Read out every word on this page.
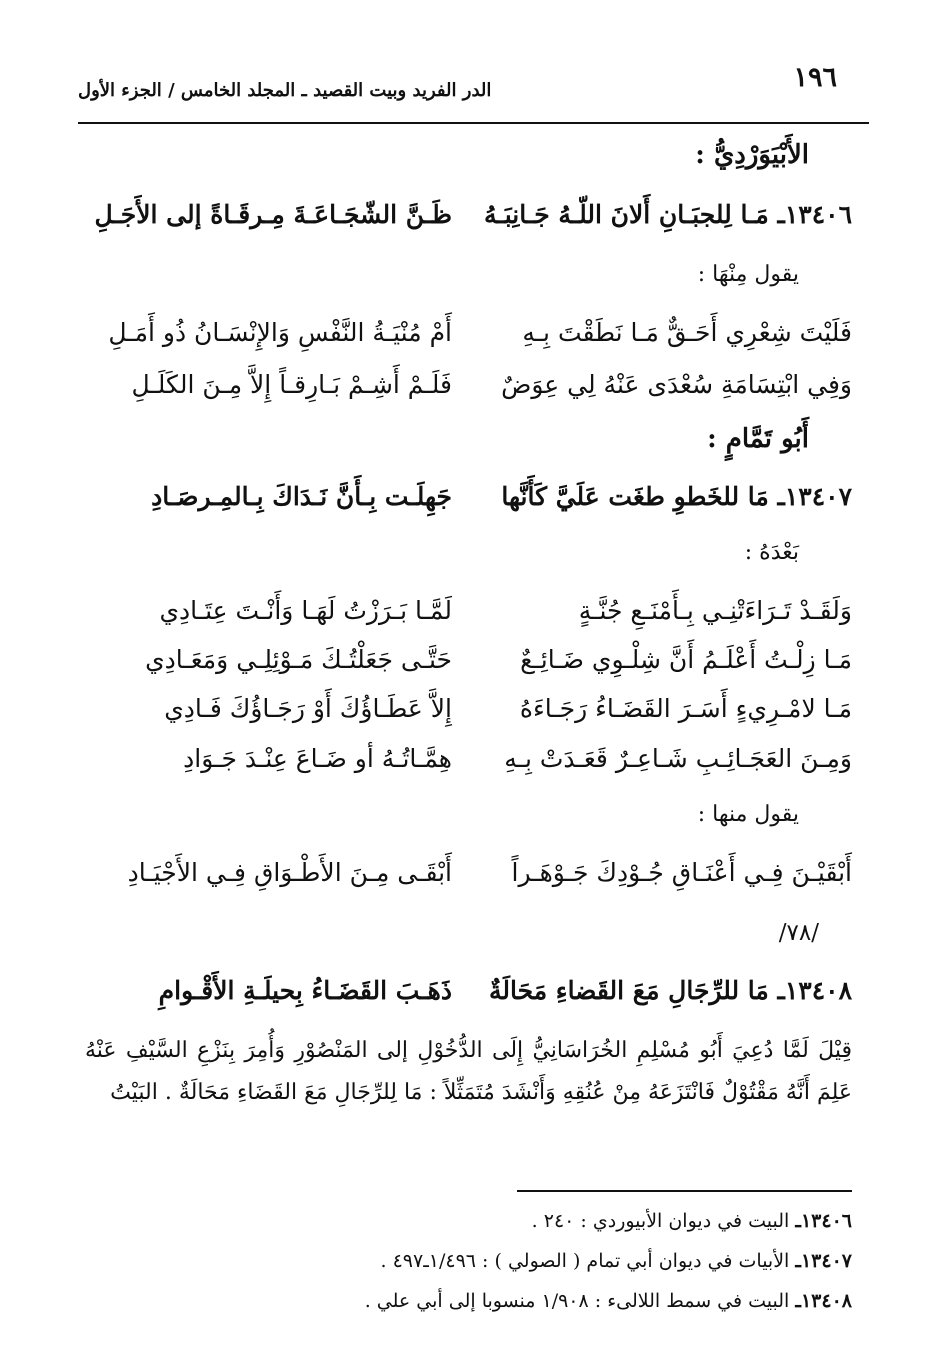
١٩٦
الدر الفريد وبيت القصيد ـ المجلد الخامس / الجزء الأول
الأَبْيَوَرْدِيُّ :
١٣٤٠٦ـ مَـا لِلجبَـانِ أَلانَ اللّـهُ جَـانِبَـهُ
ظَـنَّ الشّجَـاعَـةَ مِـرقَـاةً إلى الأَجَـلِ
يقول مِنْهَا :
فَلَيْتَ شِعْرِي أَحَـقٌّ مَـا نَطَقْتَ بِـهِ
أَمْ مُنْيَـةُ النَّفْسِ وَالإِنْسَـانُ ذُو أَمَـلِ
وَفِي ابْتِسَامَةِ سُعْدَى عَنْهُ لِي عِوَضٌ
فَلَـمْ أَشِـمْ بَـارِقـاً إِلاَّ مِـنَ الكَلَـلِ
أَبُو تَمَّامٍ :
١٣٤٠٧ـ مَا للخَطوِ طغَت عَلَيَّ كَأَنَّها
جَهِلَـت بِـأَنَّ نَـدَاكَ بِـالمِـرصَـادِ
بَعْدَهُ :
وَلَقَـدْ تَـرَاءَتْنِـي بِـأَمْنَـعِ جُنَّـةٍ
لَمَّـا بَـرَزْتُ لَهَـا وَأَنْـتَ عِتَـادِي
مَـا زِلْـتُ أَعْلَـمُ أَنَّ شِلْـوِي ضَـائِـعٌ
حَتَّـى جَعَلْتُـكَ مَـوْئِلِـي وَمَعَـادِي
مَـا لامْـرِيءٍ أَسَـرَ القَضَـاءُ رَجَـاءَهُ
إِلاَّ عَطَـاؤُكَ أَوْ رَجَـاؤُكَ فَـادِي
وَمِـنَ العَجَـائِـبِ شَـاعِـرٌ قَعَـدَتْ بِـهِ
هِمَّـاتُـهُ أو ضَـاعَ عِنْـدَ جَـوَادِ
يقول منها :
أَبْقَيْـنَ فِـي أَعْنَـاقِ جُـوْدِكَ جَـوْهَـراً
أَبْقَـى مِـنَ الأَطْـوَاقِ فِـي الأَجْيَـادِ
/٧٨/
١٣٤٠٨ـ مَا للرِّجَالِ مَعَ القَضاءِ مَحَالَةٌ
ذَهَـبَ القَضَـاءُ بِحيلَـةِ الأَقْـوامِ
قِيْلَ لَمَّا دُعِيَ أَبُو مُسْلِمِ الخُرَاسَانِيُّ إِلَى الدُّخُوْلِ إلى المَنْصُوْرِ وَأُمِرَ بِنَزْعِ السَّيْفِ عَنْهُ عَلِمَ أَنَّهُ مَقْتُوْلٌ فَانْتَزَعَهُ مِنْ عُنُقِهِ وَأَنْشَدَ مُتَمَثِّلاً : مَا لِلرِّجَالِ مَعَ القَضَاءِ مَحَالَةٌ . البَيْتُ
١٣٤٠٦ـ البيت في ديوان الأبيوردي : ٢٤٠ .
١٣٤٠٧ـ الأبيات في ديوان أبي تمام ( الصولي ) : ١/٤٩٦ـ٤٩٧ .
١٣٤٠٨ـ البيت في سمط اللالىء : ١/٩٠٨ منسوبا إلى أبي علي .
